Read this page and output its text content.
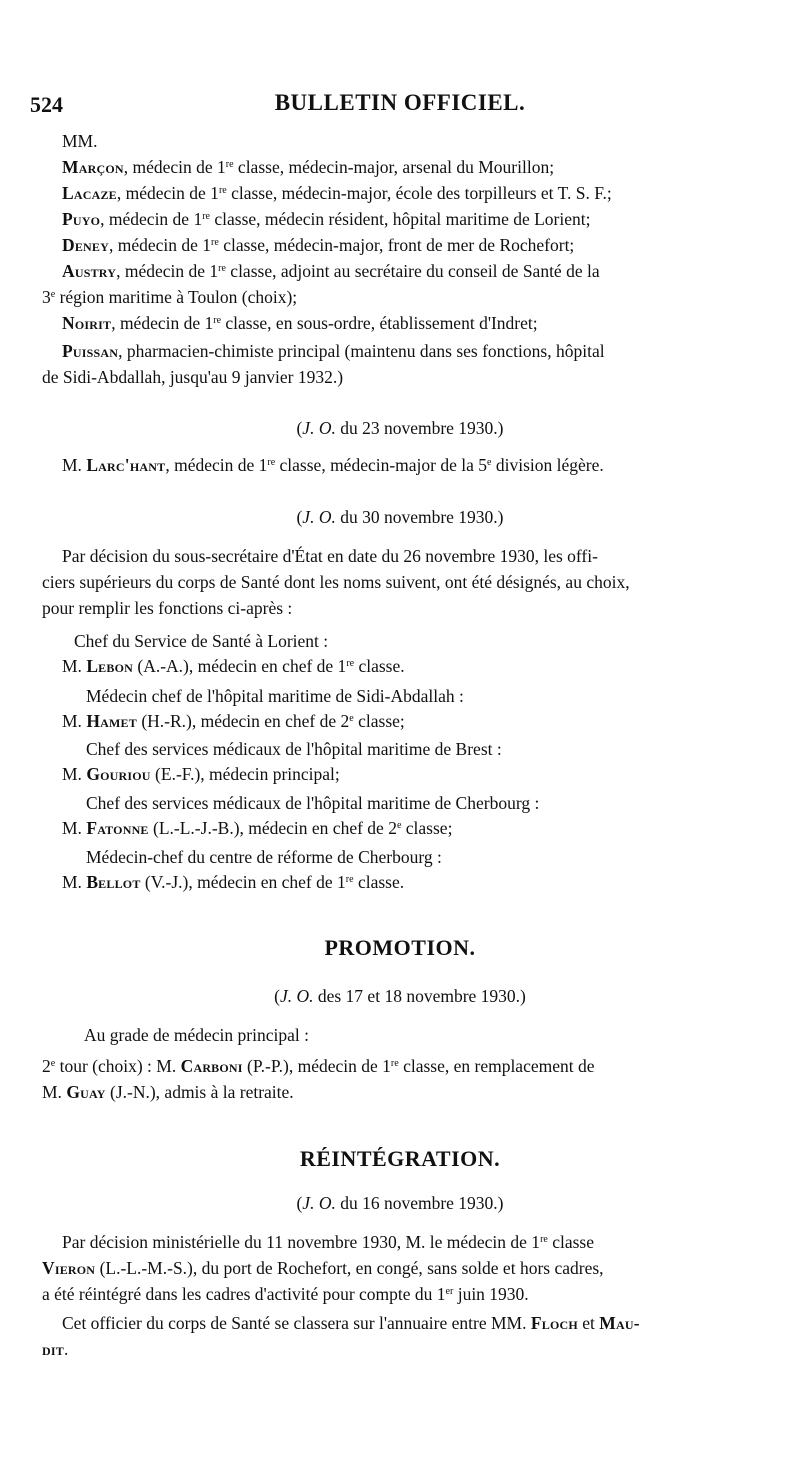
524	BULLETIN OFFICIEL.
MM.
Marçon, médecin de 1re classe, médecin-major, arsenal du Mourillon;
Lacaze, médecin de 1re classe, médecin-major, école des torpilleurs et T. S. F.;
Puyo, médecin de 1re classe, médecin résident, hôpital maritime de Lorient;
Deney, médecin de 1re classe, médecin-major, front de mer de Rochefort;
Austry, médecin de 1re classe, adjoint au secrétaire du conseil de Santé de la
3e région maritime à Toulon (choix);
Noirit, médecin de 1re classe, en sous-ordre, établissement d'Indret;
Puissan, pharmacien-chimiste principal (maintenu dans ses fonctions, hôpital
de Sidi-Abdallah, jusqu'au 9 janvier 1932.)
(J. O. du 23 novembre 1930.)
M. Larc'hant, médecin de 1re classe, médecin-major de la 5e division légère.
(J. O. du 30 novembre 1930.)
Par décision du sous-secrétaire d'État en date du 26 novembre 1930, les offi-
ciers supérieurs du corps de Santé dont les noms suivent, ont été désignés, au choix,
pour remplir les fonctions ci-après :
Chef du Service de Santé à Lorient :
M. Lebon (A.-A.), médecin en chef de 1re classe.
Médecin chef de l'hôpital maritime de Sidi-Abdallah :
M. Hamet (H.-R.), médecin en chef de 2e classe;
Chef des services médicaux de l'hôpital maritime de Brest :
M. Gouriou (E.-F.), médecin principal;
Chef des services médicaux de l'hôpital maritime de Cherbourg :
M. Fatonne (L.-L.-J.-B.), médecin en chef de 2e classe;
Médecin-chef du centre de réforme de Cherbourg :
M. Bellot (V.-J.), médecin en chef de 1re classe.
PROMOTION.
(J. O. des 17 et 18 novembre 1930.)
Au grade de médecin principal :
2e tour (choix) : M. Carboni (P.-P.), médecin de 1re classe, en remplacement de
M. Guay (J.-N.), admis à la retraite.
RÉINTÉGRATION.
(J. O. du 16 novembre 1930.)
Par décision ministérielle du 11 novembre 1930, M. le médecin de 1re classe
Vieron (L.-L.-M.-S.), du port de Rochefort, en congé, sans solde et hors cadres,
a été réintégré dans les cadres d'activité pour compte du 1er juin 1930.
Cet officier du corps de Santé se classera sur l'annuaire entre MM. Floch et Mau-
dit.
